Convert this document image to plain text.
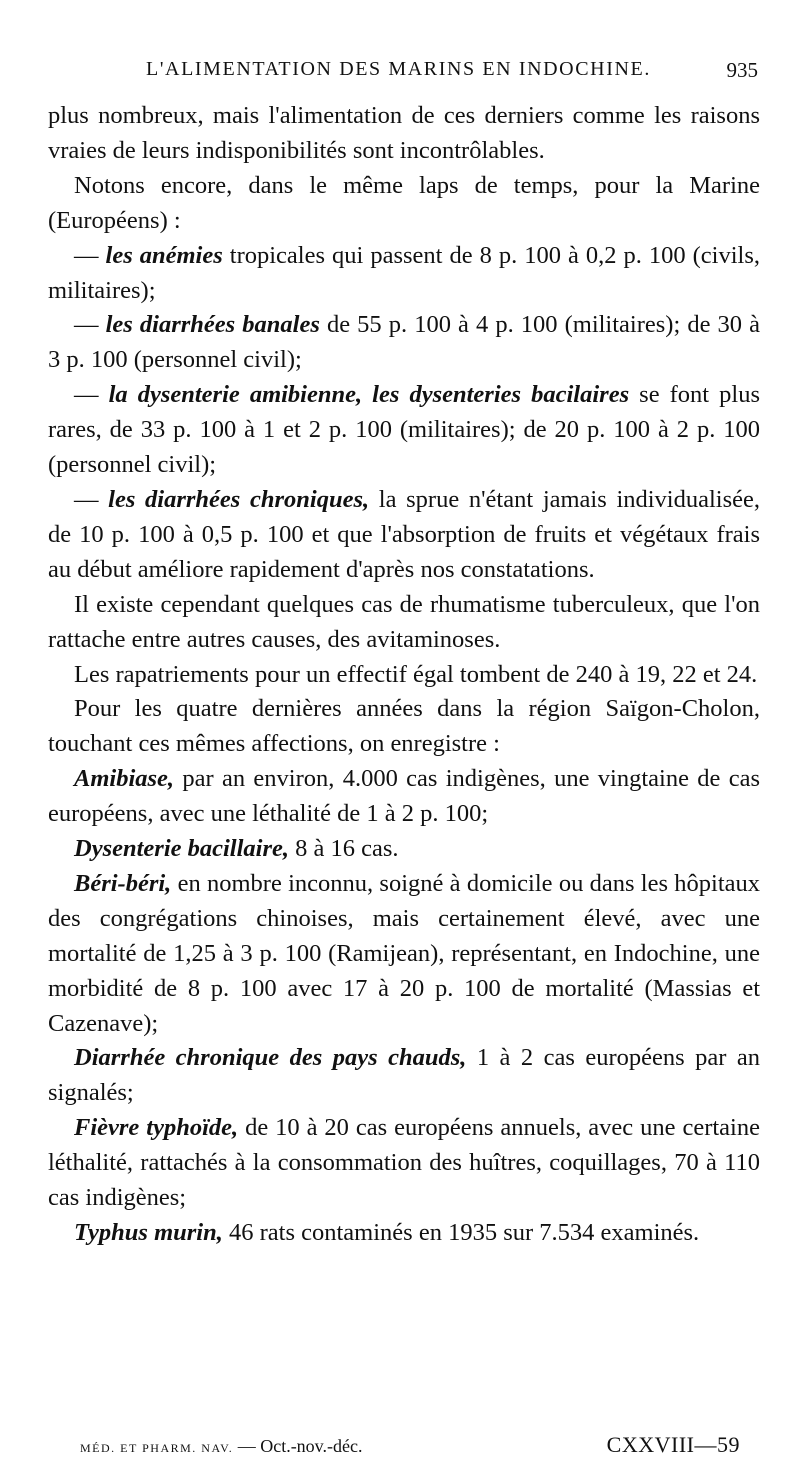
L'ALIMENTATION DES MARINS EN INDOCHINE.	935

plus nombreux, mais l'alimentation de ces derniers comme les raisons vraies de leurs indisponibilités sont incontrôlables.

Notons encore, dans le même laps de temps, pour la Marine (Européens) :

— les anémies tropicales qui passent de 8 p. 100 à 0,2 p. 100 (civils, militaires);

— les diarrhées banales de 55 p. 100 à 4 p. 100 (militaires); de 30 à 3 p. 100 (personnel civil);

— la dysenterie amibienne, les dysenteries bacilaires se font plus rares, de 33 p. 100 à 1 et 2 p. 100 (militaires); de 20 p. 100 à 2 p. 100 (personnel civil);

— les diarrhées chroniques, la sprue n'étant jamais individualisée, de 10 p. 100 à 0,5 p. 100 et que l'absorption de fruits et végétaux frais au début améliore rapidement d'après nos constatations.

Il existe cependant quelques cas de rhumatisme tuberculeux, que l'on rattache entre autres causes, des avitaminoses.

Les rapatriements pour un effectif égal tombent de 240 à 19, 22 et 24.

Pour les quatre dernières années dans la région Saïgon-Cholon, touchant ces mêmes affections, on enregistre :

Amibiase, par an environ, 4.000 cas indigènes, une vingtaine de cas européens, avec une léthalité de 1 à 2 p. 100;

Dysenterie bacillaire, 8 à 16 cas.

Béri-béri, en nombre inconnu, soigné à domicile ou dans les hôpitaux des congrégations chinoises, mais certainement élevé, avec une mortalité de 1,25 à 3 p. 100 (Ramijean), représentant, en Indochine, une morbidité de 8 p. 100 avec 17 à 20 p. 100 de mortalité (Massias et Cazenave);

Diarrhée chronique des pays chauds, 1 à 2 cas européens par an signalés;

Fièvre typhoïde, de 10 à 20 cas européens annuels, avec une certaine léthalité, rattachés à la consommation des huîtres, coquillages, 70 à 110 cas indigènes;

Typhus murin, 46 rats contaminés en 1935 sur 7.534 examinés.

MÉD. ET PHARM. NAV. — Oct.-nov.-déc.	CXXVIII—59
